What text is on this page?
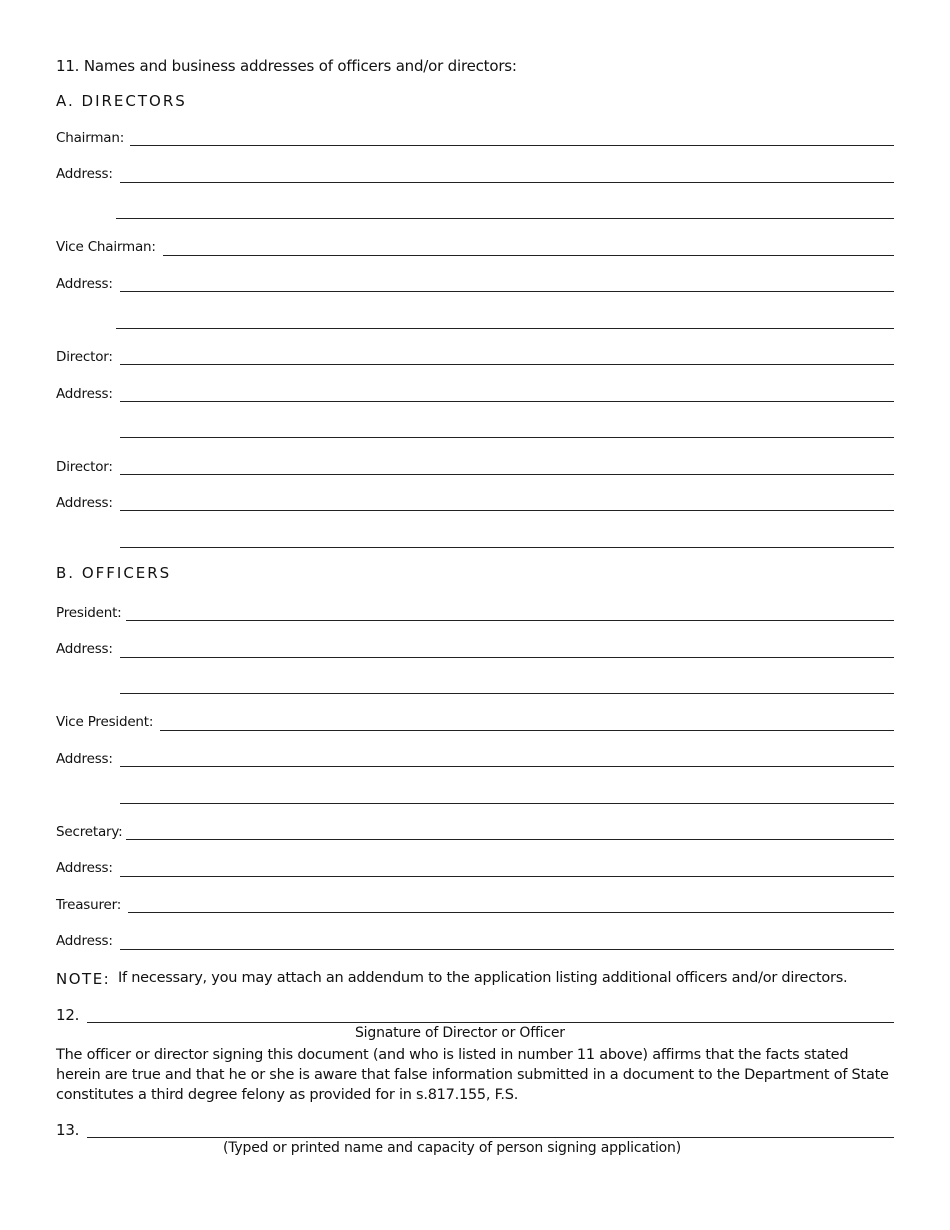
11. Names and business addresses of officers and/or directors:
A. DIRECTORS
Chairman:
Address:
Vice Chairman:
Address:
Director:
Address:
Director:
Address:
B. OFFICERS
President:
Address:
Vice President:
Address:
Secretary:
Address:
Treasurer:
Address:
NOTE: If necessary, you may attach an addendum to the application listing additional officers and/or directors.
12.
Signature of Director or Officer
The officer or director signing this document (and who is listed in number 11 above) affirms that the facts stated herein are true and that he or she is aware that false information submitted in a document to the Department of State constitutes a third degree felony as provided for in s.817.155, F.S.
13.
(Typed or printed name and capacity of person signing application)
